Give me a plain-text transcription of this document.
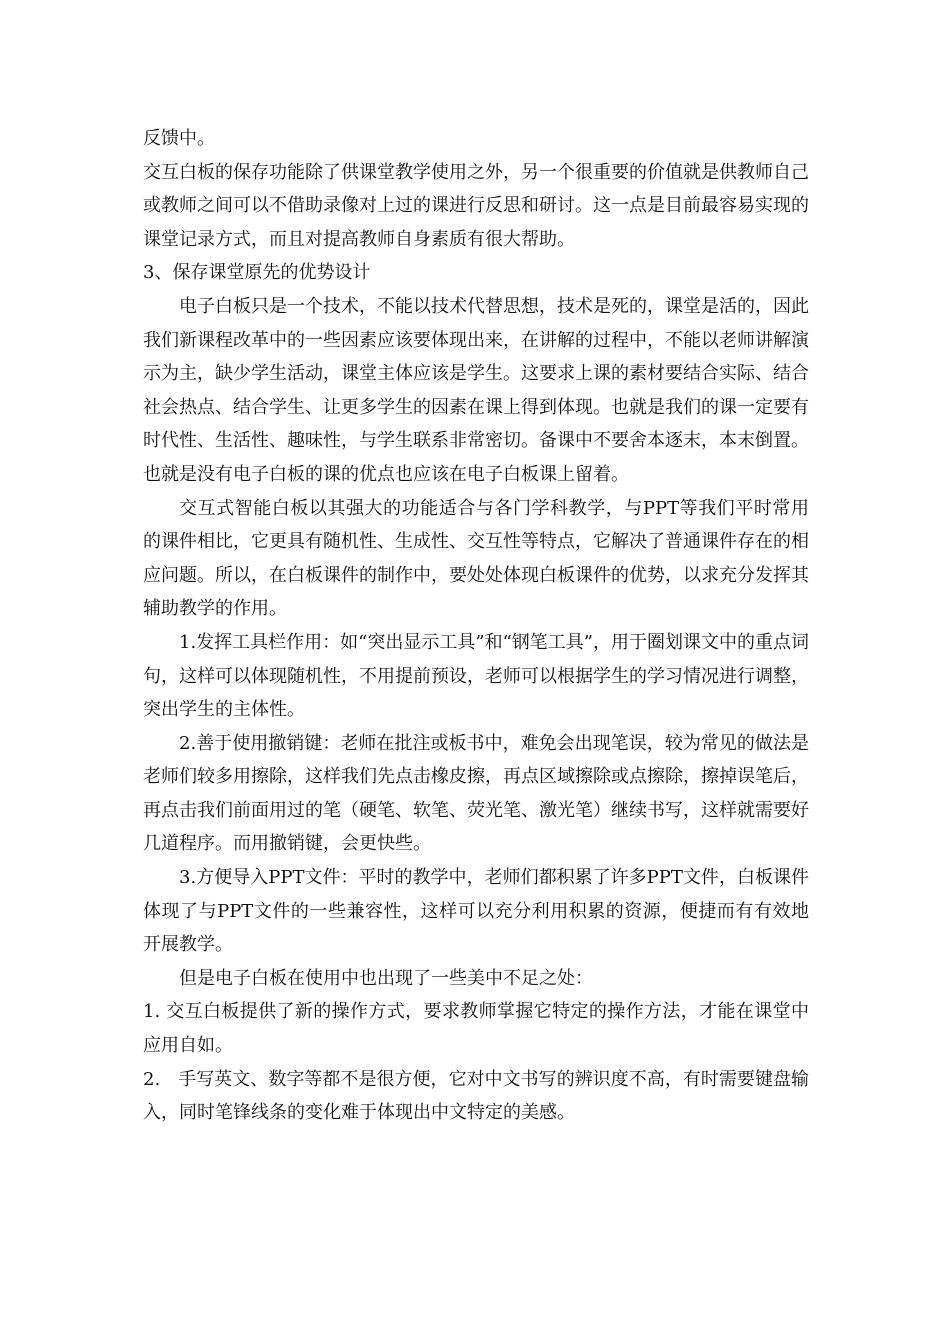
反馈中。

交互白板的保存功能除了供课堂教学使用之外，另一个很重要的价值就是供教师自己或教师之间可以不借助录像对上过的课进行反思和研讨。这一点是目前最容易实现的课堂记录方式，而且对提高教师自身素质有很大帮助。

3、保存课堂原先的优势设计

电子白板只是一个技术，不能以技术代替思想，技术是死的，课堂是活的，因此我们新课程改革中的一些因素应该要体现出来，在讲解的过程中，不能以老师讲解演示为主，缺少学生活动，课堂主体应该是学生。这要求上课的素材要结合实际、结合社会热点、结合学生、让更多学生的因素在课上得到体现。也就是我们的课一定要有时代性、生活性、趣味性，与学生联系非常密切。备课中不要舍本逐末，本末倒置。也就是没有电子白板的课的优点也应该在电子白板课上留着。

交互式智能白板以其强大的功能适合与各门学科教学，与PPT等我们平时常用的课件相比，它更具有随机性、生成性、交互性等特点，它解决了普通课件存在的相应问题。所以，在白板课件的制作中，要处处体现白板课件的优势，以求充分发挥其辅助教学的作用。

1.发挥工具栏作用：如“突出显示工具”和“钢笔工具”，用于圈划课文中的重点词句，这样可以体现随机性，不用提前预设，老师可以根据学生的学习情况进行调整，突出学生的主体性。

2.善于使用撤销键：老师在批注或板书中，难免会出现笔误，较为常见的做法是老师们较多用擦除，这样我们先点击橡皮擦，再点区域擦除或点擦除，擦掉误笔后，再点击我们前面用过的笔（硬笔、软笔、荧光笔、激光笔）继续书写，这样就需要好几道程序。而用撤销键，会更快些。

3.方便导入PPT文件：平时的教学中，老师们都积累了许多PPT文件，白板课件体现了与PPT文件的一些兼容性，这样可以充分利用积累的资源，便捷而有有效地开展教学。

但是电子白板在使用中也出现了一些美中不足之处：

1. 交互白板提供了新的操作方式，要求教师掌握它特定的操作方法，才能在课堂中应用自如。

2.　手写英文、数字等都不是很方便，它对中文书写的辨识度不高，有时需要键盘输入，同时笔锋线条的变化难于体现出中文特定的美感。
